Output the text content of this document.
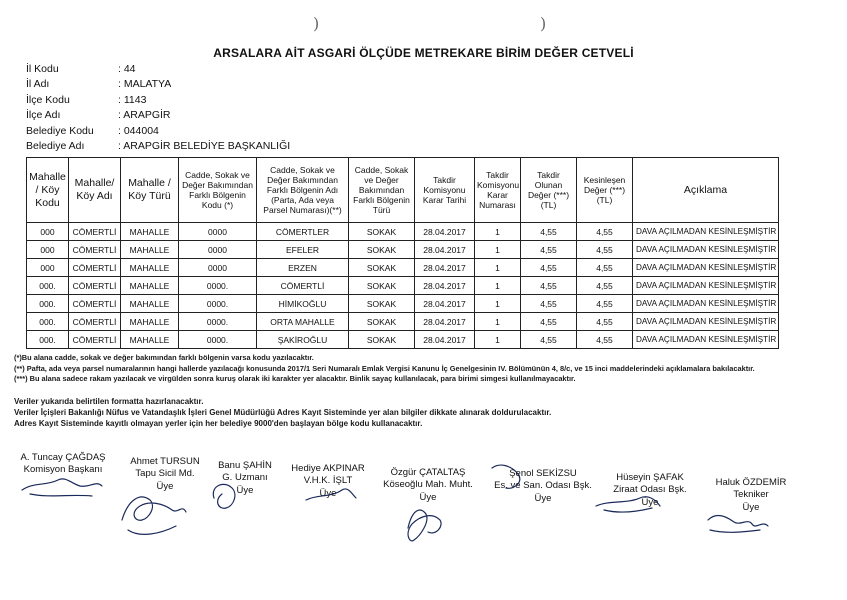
)	)
ARSALARA AİT ASGARİ ÖLÇÜDE METREKARE BİRİM DEĞER CETVELİ
İl Kodu	: 44
İl Adı	: MALATYA
İlçe Kodu	: 1143
İlçe Adı	: ARAPGİR
Belediye Kodu	: 044004
Belediye Adı	: ARAPGİR BELEDİYE BAŞKANLIĞI
Mahalle / Köy Kodu	Mahalle/ Köy Adı	Mahalle / Köy Türü	Cadde, Sokak ve Değer Bakımından Farklı Bölgenin Kodu (*)	Cadde, Sokak ve Değer Bakımından Farklı Bölgenin Adı (Parta, Ada veya Parsel Numarası)(**)	Cadde, Sokak ve Değer Bakımından Farklı Bölgenin Türü	Takdir Komisyonu Karar Tarihi	Takdir Komisyonu Karar Numarası	Takdir Olunan Değer (***) (TL)	Kesinleşen Değer (***) (TL)	Açıklama
000	CÖMERTLİ	MAHALLE	0000	CÖMERTLER	SOKAK	28.04.2017	1	4,55	4,55	DAVA AÇILMADAN KESİNLEŞMİŞTİR
000	CÖMERTLİ	MAHALLE	0000	EFELER	SOKAK	28.04.2017	1	4,55	4,55	DAVA AÇILMADAN KESİNLEŞMİŞTİR
000	CÖMERTLİ	MAHALLE	0000	ERZEN	SOKAK	28.04.2017	1	4,55	4,55	DAVA AÇILMADAN KESİNLEŞMİŞTİR
000.	CÖMERTLİ	MAHALLE	0000.	CÖMERTLİ	SOKAK	28.04.2017	1	4,55	4,55	DAVA AÇILMADAN KESİNLEŞMİŞTİR
000.	CÖMERTLİ	MAHALLE	0000.	HİMİKOĞLU	SOKAK	28.04.2017	1	4,55	4,55	DAVA AÇILMADAN KESİNLEŞMİŞTİR
000.	CÖMERTLİ	MAHALLE	0000.	ORTA MAHALLE	SOKAK	28.04.2017	1	4,55	4,55	DAVA AÇILMADAN KESİNLEŞMİŞTİR
000.	CÖMERTLİ	MAHALLE	0000.	ŞAKİROĞLU	SOKAK	28.04.2017	1	4,55	4,55	DAVA AÇILMADAN KESİNLEŞMİŞTİR
(*)Bu alana cadde, sokak ve değer bakımından farklı bölgenin varsa kodu yazılacaktır.
(**) Pafta, ada veya parsel numaralarının hangi hallerde yazılacağı konusunda 2017/1 Seri Numaralı Emlak Vergisi Kanunu İç Genelgesinin IV. Bölümünün 4, 8/c, ve 15 inci maddelerindeki açıklamalara bakılacaktır.
(***) Bu alana sadece rakam yazılacak ve virgülden sonra kuruş olarak iki karakter yer alacaktır. Binlik sayaç kullanılacak, para birimi simgesi kullanılmayacaktır.
Veriler yukarıda belirtilen formatta hazırlanacaktır.
Veriler İçişleri Bakanlığı Nüfus ve Vatandaşlık İşleri Genel Müdürlüğü Adres Kayıt Sisteminde yer alan bilgiler dikkate alınarak doldurulacaktır.
Adres Kayıt Sisteminde kayıtlı olmayan yerler için her belediye 9000'den başlayan bölge kodu kullanacaktır.
A. Tuncay ÇAĞDAŞ
Komisyon Başkanı
Ahmet TURSUN
Tapu Sicil Md.
Üye
Banu ŞAHİN
G. Uzmanı
Üye
Hediye AKPINAR
V.H.K. İŞLT
Üye
Özgür ÇATALTAŞ
Köseoğlu Mah. Muht.
Üye
Şenol SEKİZSU
Es. ve San. Odası Bşk.
Üye
Hüseyin ŞAFAK
Ziraat Odası Bşk.
Üye
Haluk ÖZDEMİR
Tekniker
Üye
